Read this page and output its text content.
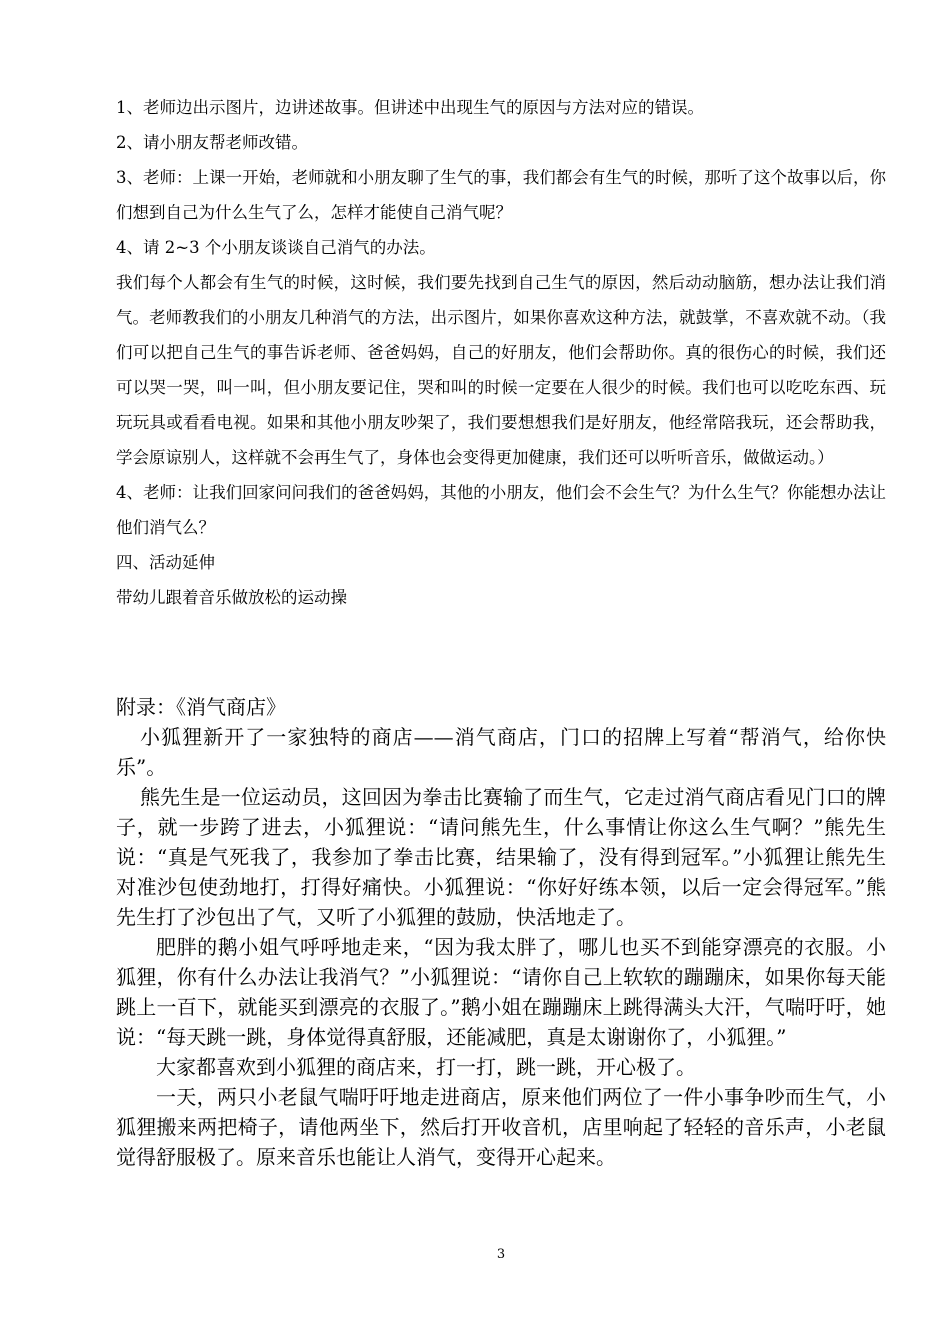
1、老师边出示图片，边讲述故事。但讲述中出现生气的原因与方法对应的错误。

2、请小朋友帮老师改错。

3、老师：上课一开始，老师就和小朋友聊了生气的事，我们都会有生气的时候，那听了这个故事以后，你们想到自己为什么生气了么，怎样才能使自己消气呢？

4、请 2~3 个小朋友谈谈自己消气的办法。

我们每个人都会有生气的时候，这时候，我们要先找到自己生气的原因，然后动动脑筋，想办法让我们消气。老师教我们的小朋友几种消气的方法，出示图片，如果你喜欢这种方法，就鼓掌，不喜欢就不动。（我们可以把自己生气的事告诉老师、爸爸妈妈，自己的好朋友，他们会帮助你。真的很伤心的时候，我们还可以哭一哭，叫一叫，但小朋友要记住，哭和叫的时候一定要在人很少的时候。我们也可以吃吃东西、玩玩玩具或看看电视。如果和其他小朋友吵架了，我们要想想我们是好朋友，他经常陪我玩，还会帮助我，学会原谅别人，这样就不会再生气了，身体也会变得更加健康，我们还可以听听音乐，做做运动。）

4、老师：让我们回家问问我们的爸爸妈妈，其他的小朋友，他们会不会生气？为什么生气？你能想办法让他们消气么？

四、活动延伸

带幼儿跟着音乐做放松的运动操

附录：《消气商店》

小狐狸新开了一家独特的商店——消气商店，门口的招牌上写着“帮消气，给你快乐”。

熊先生是一位运动员，这回因为拳击比赛输了而生气，它走过消气商店看见门口的牌子，就一步跨了进去，小狐狸说：“请问熊先生，什么事情让你这么生气啊？”熊先生说：“真是气死我了，我参加了拳击比赛，结果输了，没有得到冠军。”小狐狸让熊先生对准沙包使劲地打，打得好痛快。小狐狸说：“你好好练本领，以后一定会得冠军。”熊先生打了沙包出了气，又听了小狐狸的鼓励，快活地走了。

肥胖的鹅小姐气呼呼地走来，“因为我太胖了，哪儿也买不到能穿漂亮的衣服。小狐狸，你有什么办法让我消气？”小狐狸说：“请你自己上软软的蹦蹦床，如果你每天能跳上一百下，就能买到漂亮的衣服了。”鹅小姐在蹦蹦床上跳得满头大汗，气喘吁吁，她说：“每天跳一跳，身体觉得真舒服，还能减肥，真是太谢谢你了，小狐狸。”

大家都喜欢到小狐狸的商店来，打一打，跳一跳，开心极了。

一天，两只小老鼠气喘吁吁地走进商店，原来他们两位了一件小事争吵而生气，小狐狸搬来两把椅子，请他两坐下，然后打开收音机，店里响起了轻轻的音乐声，小老鼠觉得舒服极了。原来音乐也能让人消气，变得开心起来。

3
